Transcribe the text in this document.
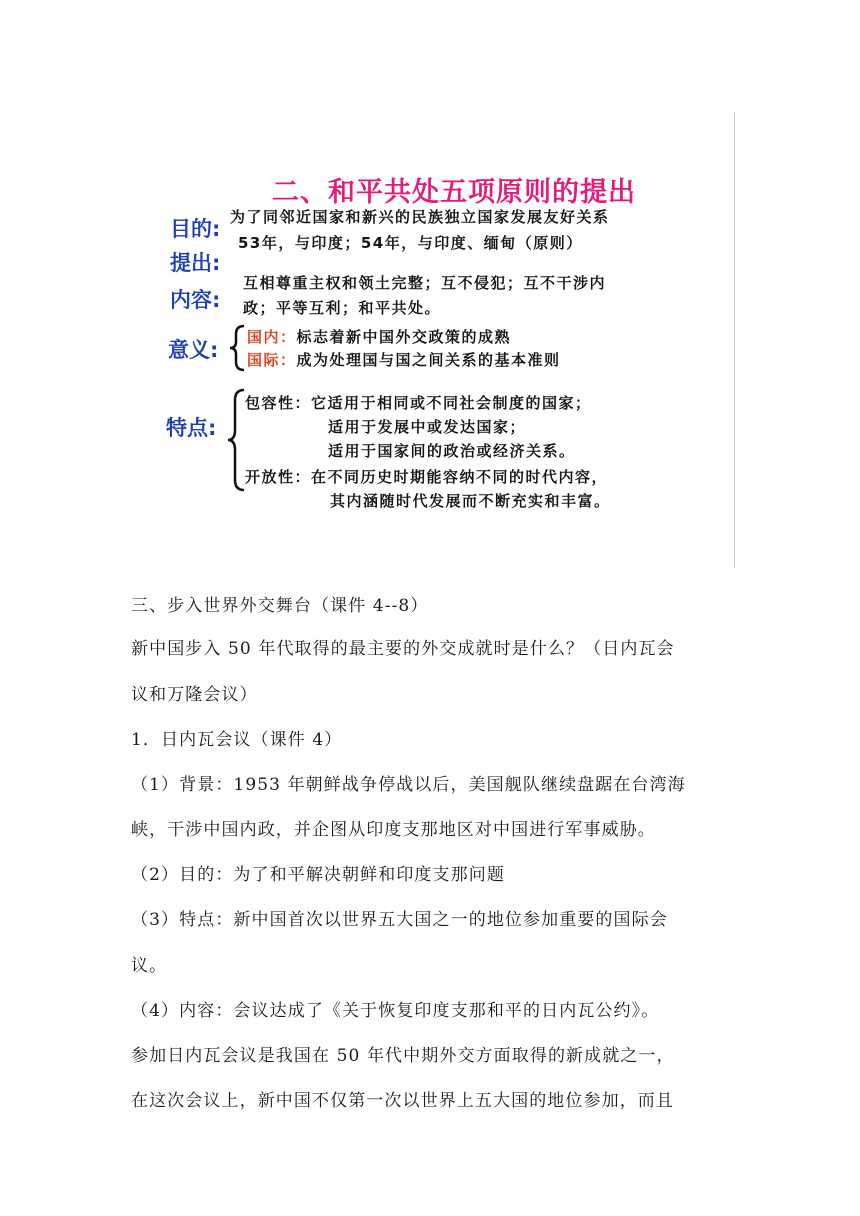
二、和平共处五项原则的提出
目的: 为了同邻近国家和新兴的民族独立国家发展友好关系
提出:
53年，与印度；54年，与印度、缅甸（原则）
内容:
互相尊重主权和领土完整；互不侵犯；互不干涉内
政；平等互利；和平共处。
意义:
国内：标志着新中国外交政策的成熟
国际：成为处理国与国之间关系的基本准则
特点:
包容性：它适用于相同或不同社会制度的国家；
适用于发展中或发达国家；
适用于国家间的政治或经济关系。
开放性：在不同历史时期能容纳不同的时代内容，
其内涵随时代发展而不断充实和丰富。
三、步入世界外交舞台（课件 4--8）
新中国步入 50 年代取得的最主要的外交成就时是什么？（日内瓦会
议和万隆会议）
1．日内瓦会议（课件 4）
（1）背景：1953 年朝鲜战争停战以后，美国舰队继续盘踞在台湾海
峡，干涉中国内政，并企图从印度支那地区对中国进行军事威胁。
（2）目的：为了和平解决朝鲜和印度支那问题
（3）特点：新中国首次以世界五大国之一的地位参加重要的国际会
议。
（4）内容：会议达成了《关于恢复印度支那和平的日内瓦公约》。
参加日内瓦会议是我国在 50 年代中期外交方面取得的新成就之一，
在这次会议上，新中国不仅第一次以世界上五大国的地位参加，而且
